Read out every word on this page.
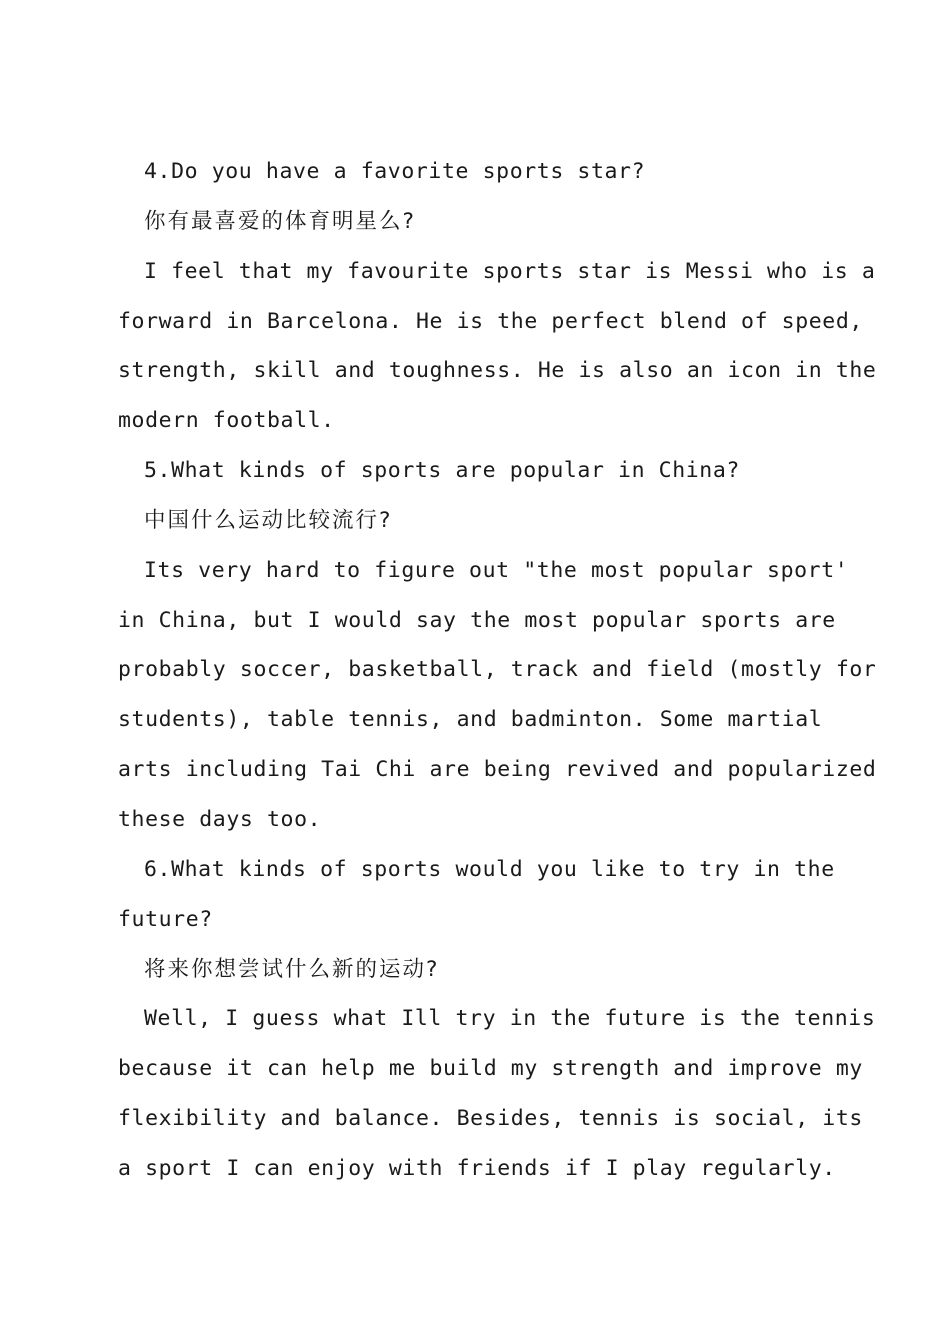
4.Do you have a favorite sports star?
你有最喜爱的体育明星么?
I feel that my favourite sports star is Messi who is a
forward in Barcelona. He is the perfect blend of speed,
strength, skill and toughness. He is also an icon in the
modern football.
5.What kinds of sports are popular in China?
中国什么运动比较流行?
Its very hard to figure out "the most popular sport'
in China, but I would say the most popular sports are
probably soccer, basketball, track and field (mostly for
students), table tennis, and badminton. Some martial
arts including Tai Chi are being revived and popularized
these days too.
6.What kinds of sports would you like to try in the
future?
将来你想尝试什么新的运动?
Well, I guess what Ill try in the future is the tennis
because it can help me build my strength and improve my
flexibility and balance. Besides, tennis is social, its
a sport I can enjoy with friends if I play regularly.
